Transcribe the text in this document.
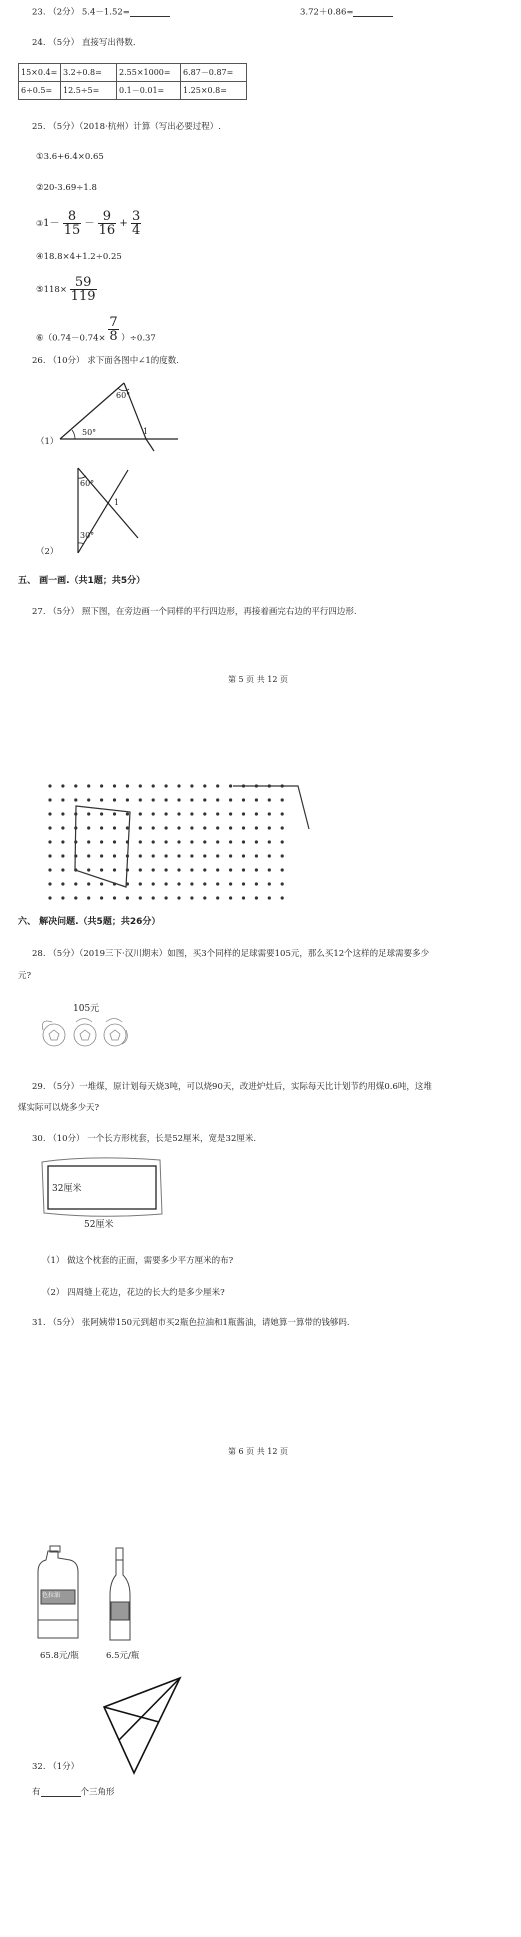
23. （2分） 5.4－1.52=	3.72＋0.86=
24. （5分） 直接写出得数.
15×0.4=	3.2÷0.8=	2.55×1000=	6.87－0.87=
6÷0.5=	12.5÷5=	0.1－0.01=	1.25×0.8=
25. （5分）（2018·杭州）计算（写出必要过程）.
①3.6+6.4×0.65
②20-3.69÷1.8
③1－ $\frac{8}{15} - \frac{9}{16} + \frac{3}{4}$
④18.8×4+1.2÷0.25
⑤118× $\frac{59}{119}$
⑥（0.74－0.74× $\frac{7}{8} )\div 0.37$
26. （10分） 求下面各图中∠1的度数.
（1）
60°
50°	1
（2）
60°
30°
1
五、 画一画.（共1题；共5分）
27. （5分） 照下图，在旁边画一个同样的平行四边形，再接着画完右边的平行四边形.
第 5 页 共 12 页
六、 解决问题.（共5题；共26分）
28. （5分）（2019三下·汉川期末）如图，买3个同样的足球需要105元，那么买12个这样的足球需要多少
元?
105元
29. （5分）一堆煤，原计划每天烧3吨，可以烧90天，改进炉灶后，实际每天比计划节约用煤0.6吨，这堆
煤实际可以烧多少天?
30. （10分） 一个长方形枕套，长是52厘米，宽是32厘米.
32厘米
52厘米
（1） 做这个枕套的正面，需要多少平方厘米的布?
（2） 四周缝上花边，花边的长大约是多少厘米?
31. （5分） 张阿姨带150元到超市买2瓶色拉油和1瓶酱油，请她算一算带的钱够吗.
第 6 页 共 12 页
色拉油
65.8元/瓶	6.5元/瓶
32. （1分）
有	个三角形
